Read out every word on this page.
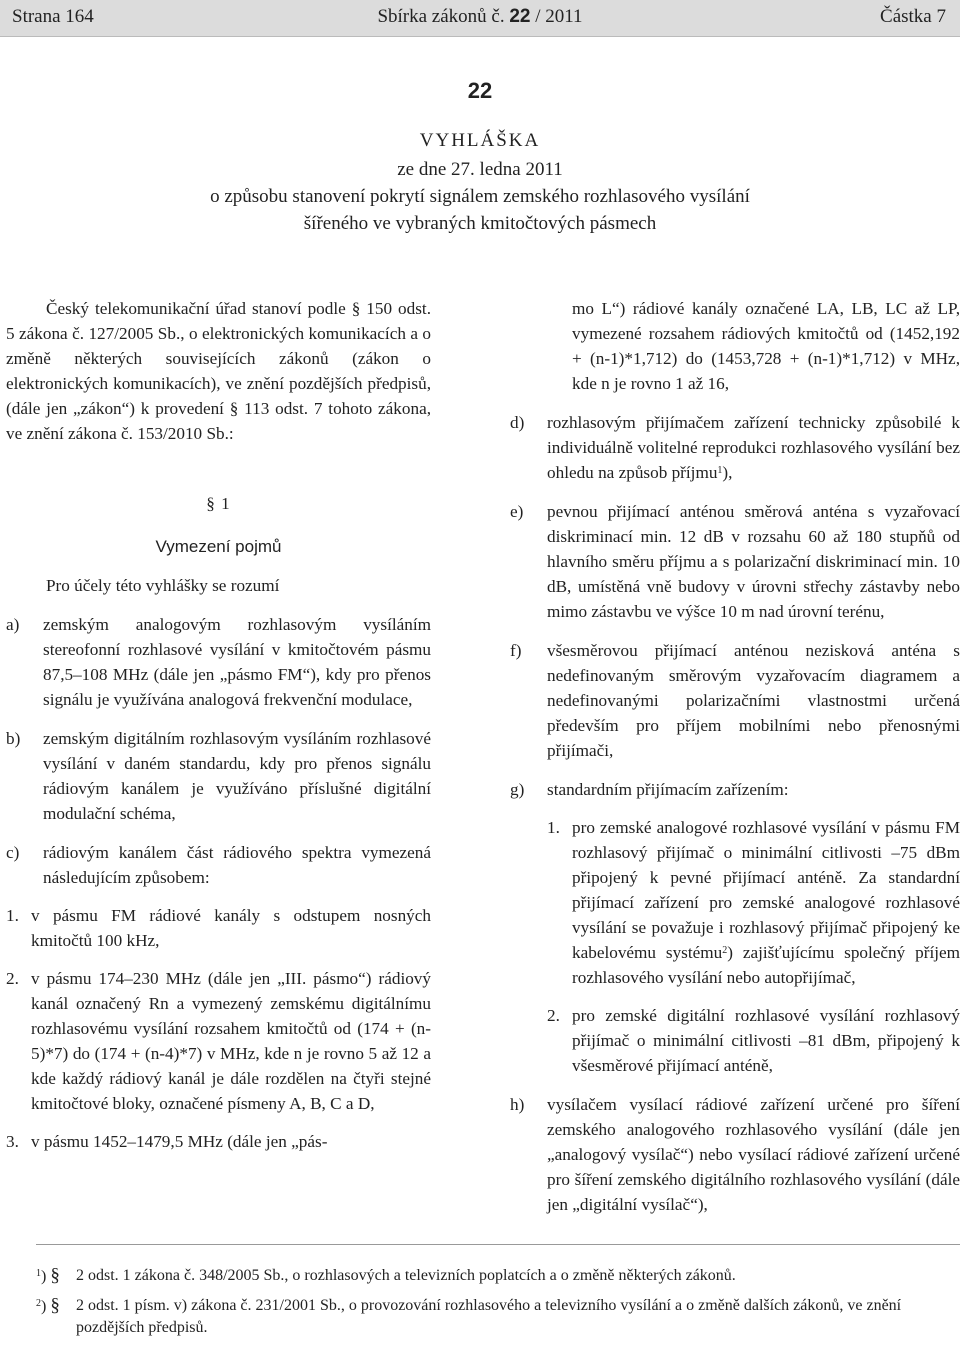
Strana 164	Sbírka zákonů č. 22 / 2011	Částka 7
22
VYHLÁŠKA
ze dne 27. ledna 2011
o způsobu stanovení pokrytí signálem zemského rozhlasového vysílání
šířeného ve vybraných kmitočtových pásmech

Český telekomunikační úřad stanoví podle § 150 odst. 5 zákona č. 127/2005 Sb., o elektronických komunikacích a o změně některých souvisejících zákonů (zákon o elektronických komunikacích), ve znění pozdějších předpisů, (dále jen „zákon“) k provedení § 113 odst. 7 tohoto zákona, ve znění zákona č. 153/2010 Sb.:

§ 1
Vymezení pojmů

Pro účely této vyhlášky se rozumí

a) zemským analogovým rozhlasovým vysíláním stereofonní rozhlasové vysílání v kmitočtovém pásmu 87,5–108 MHz (dále jen „pásmo FM“), kdy pro přenos signálu je využívána analogová frekvenční modulace,
b) zemským digitálním rozhlasovým vysíláním rozhlasové vysílání v daném standardu, kdy pro přenos signálu rádiovým kanálem je využíváno příslušné digitální modulační schéma,
c) rádiovým kanálem část rádiového spektra vymezená následujícím způsobem:
1. v pásmu FM rádiové kanály s odstupem nosných kmitočtů 100 kHz,
2. v pásmu 174–230 MHz (dále jen „III. pásmo“) rádiový kanál označený Rn a vymezený zemskému digitálnímu rozhlasovému vysílání rozsahem kmitočtů od (174 + (n-5)*7) do (174 + (n-4)*7) v MHz, kde n je rovno 5 až 12 a kde každý rádiový kanál je dále rozdělen na čtyři stejné kmitočtové bloky, označené písmeny A, B, C a D,
3. v pásmu 1452–1479,5 MHz (dále jen „pás-
mo L“) rádiové kanály označené LA, LB, LC až LP, vymezené rozsahem rádiových kmitočtů od (1452,192 + (n-1)*1,712) do (1453,728 + (n-1)*1,712) v MHz, kde n je rovno 1 až 16,
d) rozhlasovým přijímačem zařízení technicky způsobilé k individuálně volitelné reprodukci rozhlasového vysílání bez ohledu na způsob příjmu$^1$),
e) pevnou přijímací anténou směrová anténa s vyzařovací diskriminací min. 12 dB v rozsahu 60 až 180 stupňů od hlavního směru příjmu a s polarizační diskriminací min. 10 dB, umístěná vně budovy v úrovni střechy zástavby nebo mimo zástavbu ve výšce 10 m nad úrovní terénu,
f) všesměrovou přijímací anténou nezisková anténa s nedefinovaným směrovým vyzařovacím diagramem a nedefinovanými polarizačními vlastnostmi určená především pro příjem mobilními nebo přenosnými přijímači,
g) standardním přijímacím zařízením:
1. pro zemské analogové rozhlasové vysílání v pásmu FM rozhlasový přijímač o minimální citlivosti –75 dBm připojený k pevné přijímací anténě. Za standardní přijímací zařízení pro zemské analogové rozhlasové vysílání se považuje i rozhlasový přijímač připojený ke kabelovému systému$^2$) zajišťujícímu společný příjem rozhlasového vysílání nebo autopřijímač,
2. pro zemské digitální rozhlasové vysílání rozhlasový přijímač o minimální citlivosti –81 dBm, připojený k všesměrové přijímací anténě,
h) vysílačem vysílací rádiové zařízení určené pro šíření zemského analogového rozhlasového vysílání (dále jen „analogový vysílač“) nebo vysílací rádiové zařízení určené pro šíření zemského digitálního rozhlasového vysílání (dále jen „digitální vysílač“),
$^1$) § 2 odst. 1 zákona č. 348/2005 Sb., o rozhlasových a televizních poplatcích a o změně některých zákonů.
$^2$) § 2 odst. 1 písm. v) zákona č. 231/2001 Sb., o provozování rozhlasového a televizního vysílání a o změně dalších zákonů, ve znění pozdějších předpisů.
